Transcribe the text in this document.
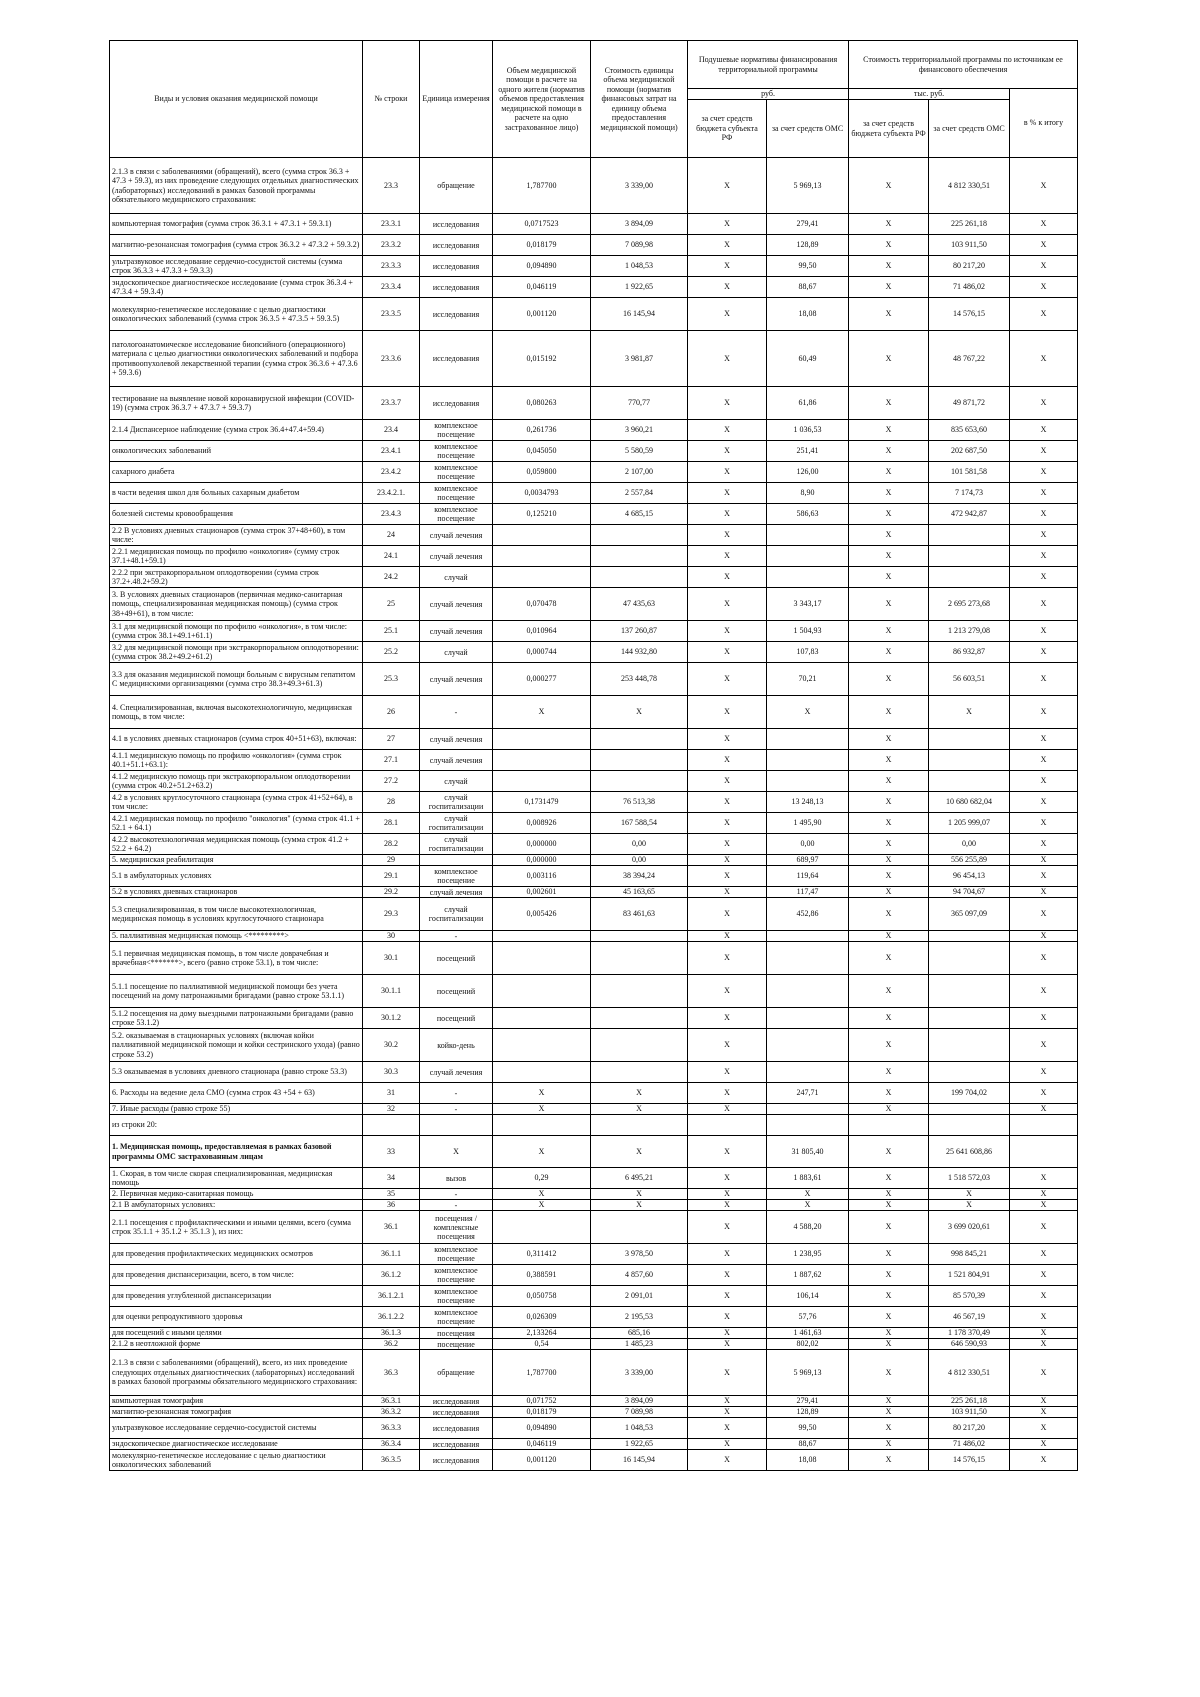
Виды и условия оказания медицинской помощи	№ строки	Единица измерения	Объем медицинской помощи в расчете на одного жителя (норматив объемов предоставления медицинской помощи в расчете на одно застрахованное лицо)	Стоимость единицы объема медицинской помощи (норматив финансовых затрат на единицу объема предоставления медицинской помощи)	Подушевые нормативы финансирования территориальной программы		Стоимость территориальной программы по источникам ее финансового обеспечения		
					руб.		тыс. руб.		в % к итогу
					за счет средств бюджета субъекта РФ	за счет средств ОМС	за счет средств бюджета субъекта РФ	за счет средств ОМС	
2.1.3 в связи с заболеваниями (обращений), всего (сумма строк 36.3 + 47.3 + 59.3), из них проведение следующих отдельных диагностических (лабораторных) исследований в рамках базовой программы обязательного медицинского страхования:	23.3	обращение	1,787700	3 339,00	X	5 969,13	X	4 812 330,51	X
компьютерная томография (сумма строк 36.3.1 + 47.3.1 + 59.3.1)	23.3.1	исследования	0,0717523	3 894,09	X	279,41	X	225 261,18	X
магнитно-резонансная томография (сумма строк 36.3.2 + 47.3.2 + 59.3.2)	23.3.2	исследования	0,018179	7 089,98	X	128,89	X	103 911,50	X
ультразвуковое исследование сердечно-сосудистой системы (сумма строк 36.3.3 + 47.3.3 + 59.3.3)	23.3.3	исследования	0,094890	1 048,53	X	99,50	X	80 217,20	X
эндоскопическое диагностическое исследование (сумма строк 36.3.4 + 47.3.4 + 59.3.4)	23.3.4	исследования	0,046119	1 922,65	X	88,67	X	71 486,02	X
молекулярно-генетическое исследование с целью диагностики онкологических заболеваний (сумма строк 36.3.5 + 47.3.5 + 59.3.5)	23.3.5	исследования	0,001120	16 145,94	X	18,08	X	14 576,15	X
патологоанатомическое исследование биопсийного (операционного) материала с целью диагностики онкологических заболеваний и подбора противоопухолевой лекарственной терапии (сумма строк 36.3.6 + 47.3.6 + 59.3.6)	23.3.6	исследования	0,015192	3 981,87	X	60,49	X	48 767,22	X
тестирование на выявление новой коронавирусной инфекции (COVID-19) (сумма строк 36.3.7 + 47.3.7 + 59.3.7)	23.3.7	исследования	0,080263	770,77	X	61,86	X	49 871,72	X
2.1.4 Диспансерное наблюдение (сумма строк 36.4+47.4+59.4)	23.4	комплексное посещение	0,261736	3 960,21	X	1 036,53	X	835 653,60	X
онкологических заболеваний	23.4.1	комплексное посещение	0,045050	5 580,59	X	251,41	X	202 687,50	X
сахарного диабета	23.4.2	комплексное посещение	0,059800	2 107,00	X	126,00	X	101 581,58	X
в части ведения школ для больных сахарным диабетом	23.4.2.1.	комплексное посещение	0,0034793	2 557,84	X	8,90	X	7 174,73	X
болезней системы кровообращения	23.4.3	комплексное посещение	0,125210	4 685,15	X	586,63	X	472 942,87	X
2.2 В условиях дневных стационаров (сумма строк 37+48+60), в том числе:	24	случай лечения			X		X		X
2.2.1 медицинская помощь по профилю «онкология» (сумму строк 37.1+48.1+59.1)	24.1	случай лечения			X		X		X
2.2.2 при экстракорпоральном оплодотворении (сумма строк 37.2+.48.2+59.2)	24.2	случай			X		X		X
3. В условиях дневных стационаров (первичная медико-санитарная помощь, специализированная медицинская помощь) (сумма строк 38+49+61), в том числе:	25	случай лечения	0,070478	47 435,63	X	3 343,17	X	2 695 273,68	X
3.1 для медицинской помощи по профилю «онкология», в том числе: (сумма строк 38.1+49.1+61.1)	25.1	случай лечения	0,010964	137 260,87	X	1 504,93	X	1 213 279,08	X
3.2 для медицинской помощи при экстракорпоральном оплодотворении: (сумма строк 38.2+49.2+61.2)	25.2	случай	0,000744	144 932,80	X	107,83	X	86 932,87	X
3.3 для оказания медицинской помощи больным с вирусным гепатитом С медицинскими организациями (сумма стро 38.3+49.3+61.3)	25.3	случай лечения	0,000277	253 448,78	X	70,21	X	56 603,51	X
4. Специализированная, включая высокотехнологичную, медицинская помощь, в том числе:	26	-	X	X	X	X	X	X	X
4.1 в условиях дневных стационаров (сумма строк 40+51+63), включая:	27	случай лечения			X		X		X
4.1.1 медицинскую помощь по профилю «онкология» (сумма строк 40.1+51.1+63.1):	27.1	случай лечения			X		X		X
4.1.2 медицинскую помощь при экстракорпоральном оплодотворении (сумма строк 40.2+51.2+63.2)	27.2	случай			X		X		X
4.2 в условиях круглосуточного стационара (сумма строк 41+52+64), в том числе:	28	случай госпитализации	0,1731479	76 513,38	X	13 248,13	X	10 680 682,04	X
4.2.1 медицинская помощь по профилю "онкология" (сумма строк 41.1 + 52.1 + 64.1)	28.1	случай госпитализации	0,008926	167 588,54	X	1 495,90	X	1 205 999,07	X
4.2.2 высокотехнологичная медицинская помощь (сумма строк 41.2 + 52.2 + 64.2)	28.2	случай госпитализации	0,000000	0,00	X	0,00	X	0,00	X
5. медицинская реабилитация	29		0,000000	0,00	X	689,97	X	556 255,89	X
5.1 в амбулаторных условиях	29.1	комплексное посещение	0,003116	38 394,24	X	119,64	X	96 454,13	X
5.2 в условиях дневных стационаров	29.2	случай лечения	0,002601	45 163,65	X	117,47	X	94 704,67	X
5.3 специализированная, в том числе высокотехнологичная, медицинская помощь в условиях круглосуточного стационара	29.3	случай госпитализации	0,005426	83 461,63	X	452,86	X	365 097,09	X
5. паллиативная медицинская помощь <*********>	30	-			X		X		X
5.1 первичная медицинская помощь, в том числе доврачебная и врачебная<*******>, всего (равно строке 53.1), в том числе:	30.1	посещений			X		X		X
5.1.1 посещение по паллиативной медицинской помощи без учета посещений на дому патронажными бригадами (равно строке 53.1.1)	30.1.1	посещений			X		X		X
5.1.2 посещения на дому выездными патронажными бригадами (равно строке 53.1.2)	30.1.2	посещений			X		X		X
5.2. оказываемая в стационарных условиях (включая койки паллиативной медицинской помощи и койки сестринского ухода) (равно строке 53.2)	30.2	койко-день			X		X		X
5.3 оказываемая в условиях дневного стационара (равно строке 53.3)	30.3	случай лечения			X		X		X
6. Расходы на ведение дела СМО (сумма строк 43 +54 + 63)	31	-	X	X	X	247,71	X	199 704,02	X
7. Иные расходы (равно строке 55)	32	-	X	X	X		X		X
из строки 20:									
1. Медицинская помощь, предоставляемая в рамках базовой программы ОМС застрахованным лицам	33	X	X	X	X	31 805,40	X	25 641 608,86	
1. Скорая, в том числе скорая специализированная, медицинская помощь	34	вызов	0,29	6 495,21	X	1 883,61	X	1 518 572,03	X
2. Первичная медико-санитарная помощь	35	-	X	X	X	X	X	X	X
2.1 В амбулаторных условиях:	36	-	X	X	X	X	X	X	X
2.1.1 посещения с профилактическими и иными целями, всего (сумма строк 35.1.1 + 35.1.2 + 35.1.3 ), из них:	36.1	посещения / комплексные посещения			X	4 588,20	X	3 699 020,61	X
для проведения профилактических медицинских осмотров	36.1.1	комплексное посещение	0,311412	3 978,50	X	1 238,95	X	998 845,21	X
для проведения диспансеризации, всего, в том числе:	36.1.2	комплексное посещение	0,388591	4 857,60	X	1 887,62	X	1 521 804,91	X
для проведения углубленной диспансеризации	36.1.2.1	комплексное посещение	0,050758	2 091,01	X	106,14	X	85 570,39	X
для оценки репродуктивного здоровья	36.1.2.2	комплексное посещение	0,026309	2 195,53	X	57,76	X	46 567,19	X
для посещений с иными целями	36.1.3	посещения	2,133264	685,16	X	1 461,63	X	1 178 370,49	X
2.1.2 в неотложной форме	36.2	посещение	0,54	1 485,23	X	802,02	X	646 590,93	X
2.1.3 в связи с заболеваниями (обращений), всего, из них проведение следующих отдельных диагностических (лабораторных) исследований в рамках базовой программы обязательного медицинского страхования:	36.3	обращение	1,787700	3 339,00	X	5 969,13	X	4 812 330,51	X
компьютерная томография	36.3.1	исследования	0,071752	3 894,09	X	279,41	X	225 261,18	X
магнитно-резонансная томография	36.3.2	исследования	0,018179	7 089,98	X	128,89	X	103 911,50	X
ультразвуковое исследование сердечно-сосудистой системы	36.3.3	исследования	0,094890	1 048,53	X	99,50	X	80 217,20	X
эндоскопическое диагностическое исследование	36.3.4	исследования	0,046119	1 922,65	X	88,67	X	71 486,02	X
молекулярно-генетическое исследование с целью диагностики онкологических заболеваний	36.3.5	исследования	0,001120	16 145,94	X	18,08	X	14 576,15	X
